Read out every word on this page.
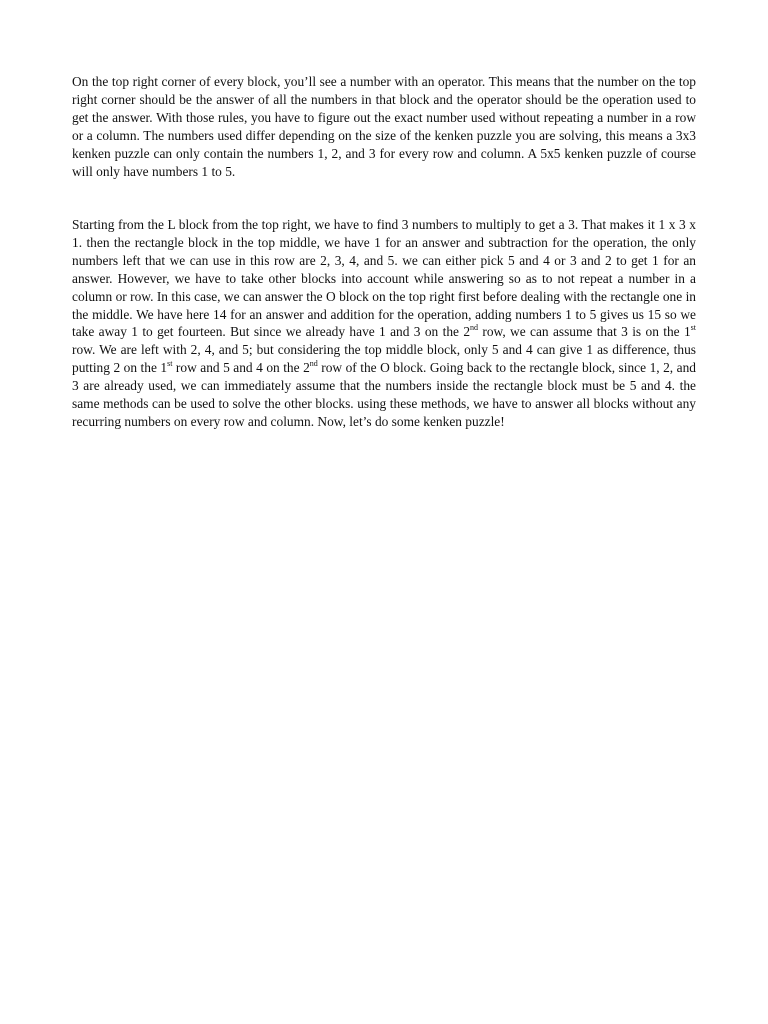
On the top right corner of every block, you’ll see a number with an operator. This means that the number on the top right corner should be the answer of all the numbers in that block and the operator should be the operation used to get the answer. With those rules, you have to figure out the exact number used without repeating a number in a row or a column. The numbers used differ depending on the size of the kenken puzzle you are solving, this means a 3x3 kenken puzzle can only contain the numbers 1, 2, and 3 for every row and column. A 5x5 kenken puzzle of course will only have numbers 1 to 5.

Starting from the L block from the top right, we have to find 3 numbers to multiply to get a 3. That makes it 1 x 3 x 1. then the rectangle block in the top middle, we have 1 for an answer and subtraction for the operation, the only numbers left that we can use in this row are 2, 3, 4, and 5. we can either pick 5 and 4 or 3 and 2 to get 1 for an answer. However, we have to take other blocks into account while answering so as to not repeat a number in a column or row. In this case, we can answer the O block on the top right first before dealing with the rectangle one in the middle. We have here 14 for an answer and addition for the operation, adding numbers 1 to 5 gives us 15 so we take away 1 to get fourteen. But since we already have 1 and 3 on the 2nd row, we can assume that 3 is on the 1st row. We are left with 2, 4, and 5; but considering the top middle block, only 5 and 4 can give 1 as difference, thus putting 2 on the 1st row and 5 and 4 on the 2nd row of the O block. Going back to the rectangle block, since 1, 2, and 3 are already used, we can immediately assume that the numbers inside the rectangle block must be 5 and 4. the same methods can be used to solve the other blocks. using these methods, we have to answer all blocks without any recurring numbers on every row and column. Now, let’s do some kenken puzzle!
